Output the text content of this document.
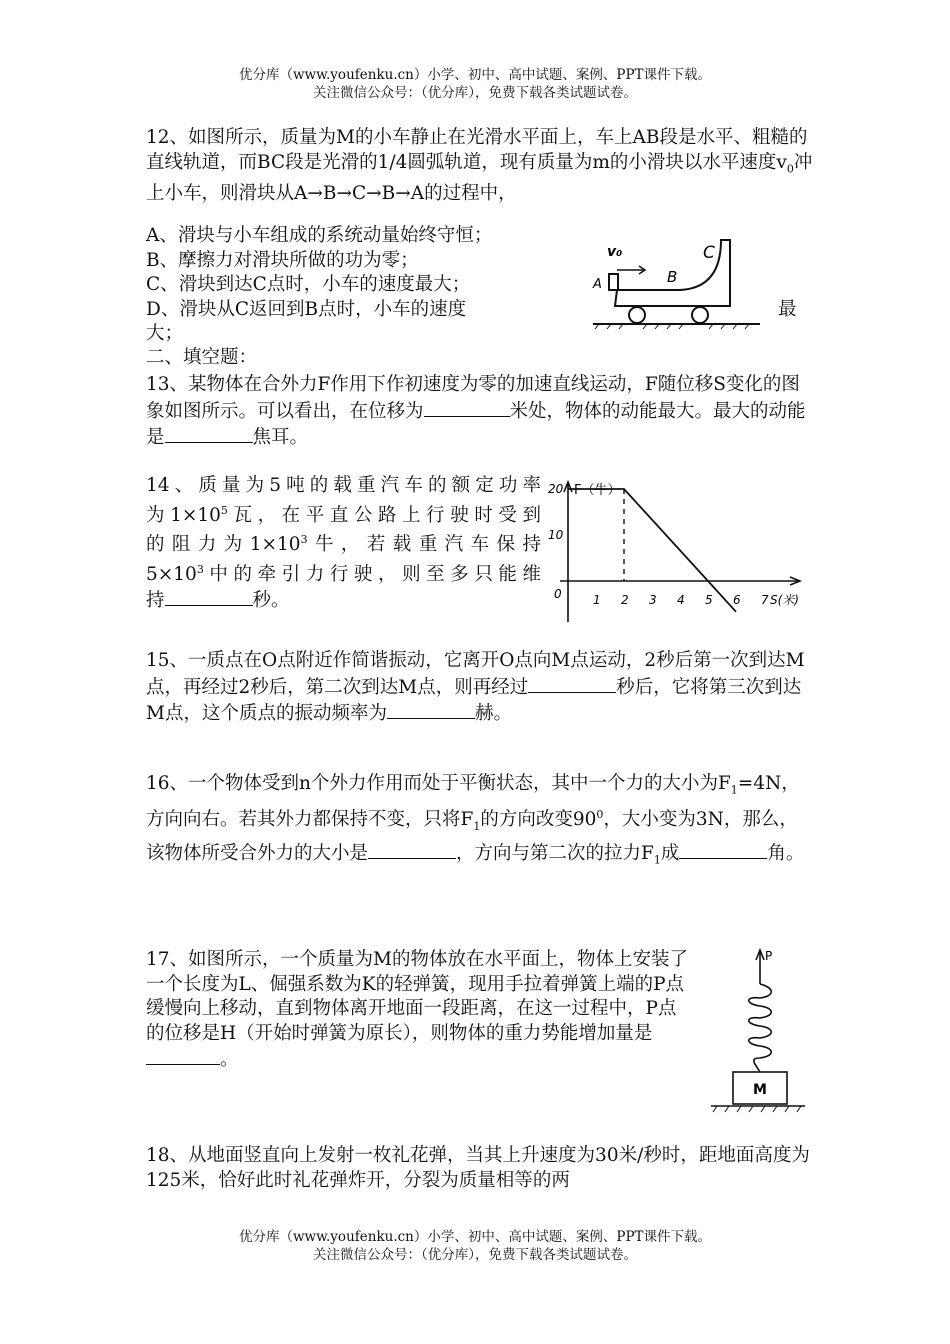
优分库（www.youfenku.cn）小学、初中、高中试题、案例、PPT课件下载。
关注微信公众号：（优分库），免费下载各类试题试卷。

12、如图所示，质量为M的小车静止在光滑水平面上，车上AB段是水平、粗糙的直线轨道，而BC段是光滑的1/4圆弧轨道，现有质量为m的小滑块以水平速度$v_0$冲上小车，则滑块从A→B→C→B→A的过程中，

A、滑块与小车组成的系统动量始终守恒；

B、摩擦力对滑块所做的功为零；

C、滑块到达C点时，小车的速度最大；

D、滑块从C返回到B点时，小车的速度	最

大；

v₀
A	B
C
二、填空题：

13、某物体在合外力F作用下作初速度为零的加速直线运动，F随位移S变化的图象如图所示。可以看出，在位移为	米处，物体的动能最大。最大的动能是	焦耳。

14、质量为5吨的载重汽车的额定功率

为$1\times 10^5$瓦，在平直公路上行驶时受到

的阻力为$1\times 10^3$牛，若载重汽车保持

$5\times 10^3$中的牵引力行驶，则至多只能维

持	秒。

F（牛）
S(米)
0	1 2 3 4 5 6 7
20
10

15、一质点在O点附近作简谐振动，它离开O点向M点运动，2秒后第一次到达M点，再经过2秒后，第二次到达M点，则再经过	秒后，它将第三次到达M点，这个质点的振动频率为	赫。

16、一个物体受到n个外力作用而处于平衡状态，其中一个力的大小为$F_1=4N$，方向向右。若其外力都保持不变，只将$F_1$的方向改变$90^0$，大小变为3N，那么，该物体所受合外力的大小是	，方向与第二次的拉力$F_1$成	角。

17、如图所示，一个质量为M的物体放在水平面上，物体上安装了一个长度为L、倔强系数为K的轻弹簧，现用手拉着弹簧上端的P点缓慢向上移动，直到物体离开地面一段距离，在这一过程中，P点的位移是H（开始时弹簧为原长），则物体的重力势能增加量是。

P
M

18、从地面竖直向上发射一枚礼花弹，当其上升速度为30米/秒时，距地面高度为125米，恰好此时礼花弹炸开，分裂为质量相等的两

优分库（www.youfenku.cn）小学、初中、高中试题、案例、PPT课件下载。
关注微信公众号：（优分库），免费下载各类试题试卷。
